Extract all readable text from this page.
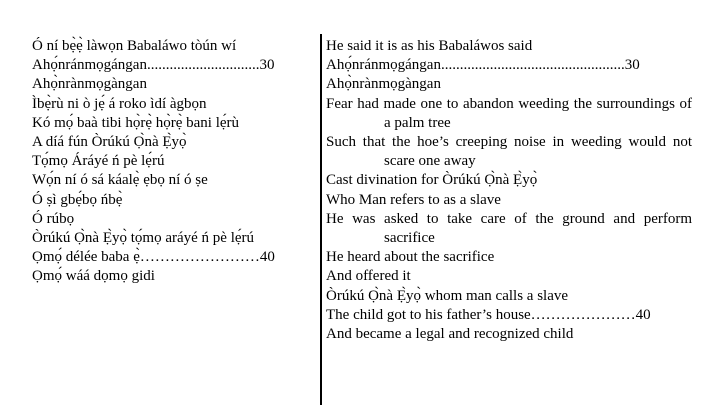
Ó ní bẹ̀ẹ̀ làwọn Babaláwo tòún wí
Ahọ́nránmọgángan..............................30
Ahọ̀nrànmọgàngan
Ìbẹ̀rù ni ò jẹ́ á roko ìdí àgbọn
Kó mọ́ baà tibi họ̀rẹ̀ họ̀rẹ̀ bani lẹ́rù
A díá fún Òrúkú Ọ̀nà Ẹ̀yọ̀
Tọ́mọ Áráyé ń pè lẹ́rú
Wọ́n ní ó sá káalẹ̀ ẹbọ ní ó ṣe
Ó ṣì gbẹ́bọ ńbẹ̀
Ó rúbọ
Òrúkú Ọ̀nà Ẹ̀yọ̀ tọ́mọ aráyé ń pè lẹ́rú
Ọmọ́ délée baba ẹ̀……………………40
Ọmọ́ wáá dọmọ gidi
He said it is as his Babaláwos said
Ahọ́nránmọgángan.................................................30
Ahọ̀nrànmọgàngan
Fear had made one to abandon weeding the surroundings of a palm tree
Such that the hoe’s creeping noise in weeding would not scare one away
Cast divination for Òrúkú Ọ̀nà Ẹ̀yọ̀
Who Man refers to as a slave
He was asked to take care of the ground and perform sacrifice
He heard about the sacrifice
And offered it
Òrúkú Ọ̀nà Ẹ̀yọ̀ whom man calls a slave
The child got to his father’s house…………………40
And became a legal and recognized child
